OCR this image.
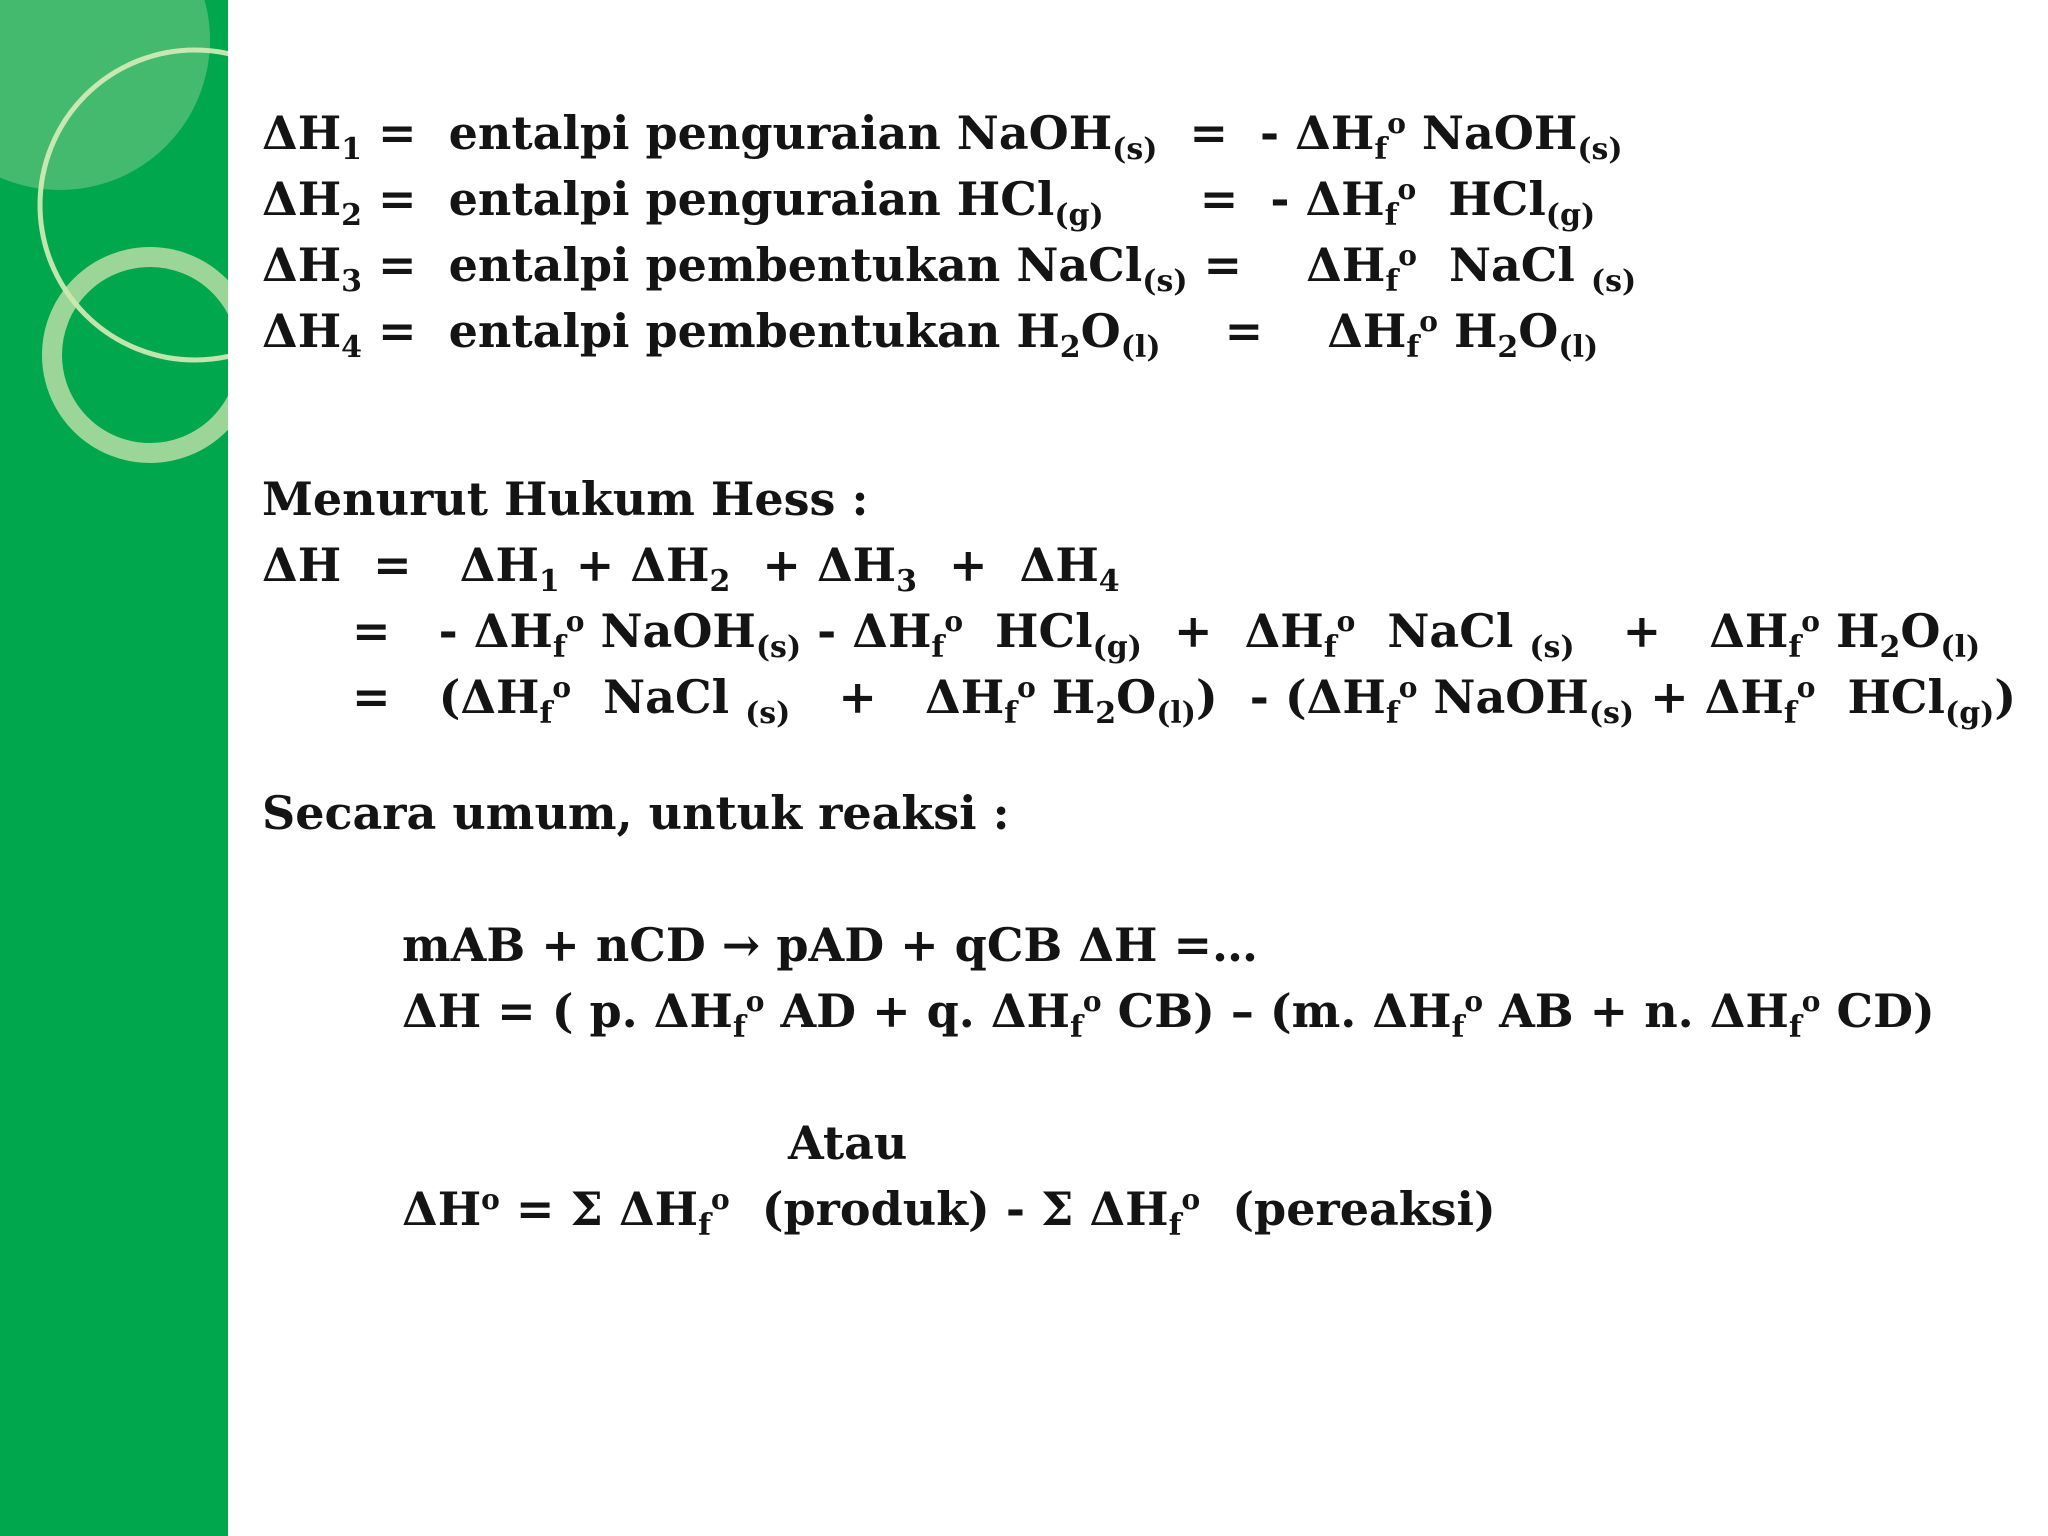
$\Delta H_1$ =  entalpi penguraian NaOH$_{(s)}$  =  - $\Delta H_f^o$ NaOH$_{(s)}$
$\Delta H_2$ =  entalpi penguraian HCl$_{(g)}$      =  - $\Delta H_f^o$  HCl$_{(g)}$
$\Delta H_3$ =  entalpi pembentukan NaCl$_{(s)}$ =    $\Delta H_f^o$  NaCl $_{(s)}$
$\Delta H_4$ =  entalpi pembentukan $H_2O_{(l)}$    =    $\Delta H_f^o$ $H_2O_{(l)}$
Menurut Hukum Hess :
$\Delta H = \Delta H_1 + \Delta H_2 + \Delta H_3 + \Delta H_4$
=   - $\Delta H_f^o$ NaOH$_{(s)}$ - $\Delta H_f^o$  $HCl_{(g)} + \Delta H_f^o$  NaCl $_{(s)} + \Delta H_f^o$ $H_2O_{(l)}$
=   ($\Delta H_f^o$  NaCl $_{(s)} + \Delta H_f^o$ $H_2O_{(l)}) - (\Delta H_f^o$ NaOH$_{(s)}$ + $\Delta H_f^o$  HCl$_{(g)}$)
Secara umum, untuk reaksi :
mAB + nCD → pAD + qCB ΔH =…
ΔH = ( p. $\Delta H_f^o$ AD + q. $\Delta H_f^o$ CB) – (m. $\Delta H_f^o$ AB + n. $\Delta H_f^o$ CD)
Atau
$\Delta H^o = \Sigma$ $\Delta H_f^o$  (produk) - Σ $\Delta H_f^o$  (pereaksi)
